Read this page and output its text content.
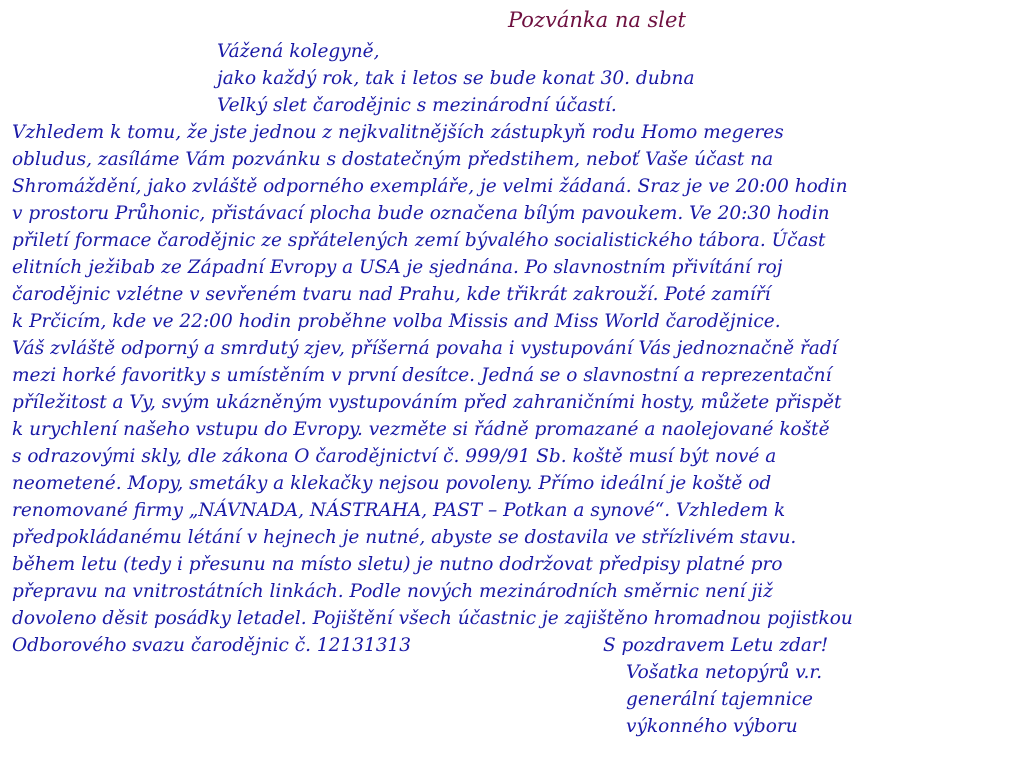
Pozvánka na slet
Vážená kolegyně,
jako každý rok, tak i letos se bude konat 30. dubna
Velký slet čarodějnic s mezinárodní účastí.
Vzhledem k tomu, že jste jednou z nejkvalitnějších zástupkyň rodu Homo megeres
obludus, zasíláme Vám pozvánku s dostatečným předstihem, neboť Vaše účast na
Shromáždění, jako zvláště odporného exempláře, je velmi žádaná. Sraz je ve 20:00 hodin
v prostoru Průhonic, přistávací plocha bude označena bílým pavoukem. Ve 20:30 hodin
přiletí formace čarodějnic ze spřátelených zemí bývalého socialistického tábora. Účast
elitních ježibab ze Západní Evropy a USA je sjednána. Po slavnostním přivítání roj
čarodějnic vzlétne v sevřeném tvaru nad Prahu, kde třikrát zakrouží. Poté zamíří
k Prčicím, kde ve 22:00 hodin proběhne volba Missis and Miss World čarodějnice.
Váš zvláště odporný a smrdutý zjev, příšerná povaha i vystupování Vás jednoznačně řadí
mezi horké favoritky s umístěním v první desítce. Jedná se o slavnostní a reprezentační
příležitost a Vy, svým ukázněným vystupováním před zahraničními hosty, můžete přispět
k urychlení našeho vstupu do Evropy. vezměte si řádně promazané a naolejované koště
s odrazovými skly, dle zákona O čarodějnictví č. 999/91 Sb. koště musí být nové a
neometené. Mopy, smetáky a klekačky nejsou povoleny. Přímo ideální je koště od
renomované firmy „NÁVNADA, NÁSTRAHA, PAST – Potkan a synové“. Vzhledem k
předpokládanému létání v hejnech je nutné, abyste se dostavila ve střízlivém stavu.
během letu (tedy i přesunu na místo sletu) je nutno dodržovat předpisy platné pro
přepravu na vnitrostátních linkách. Podle nových mezinárodních směrnic není již
dovoleno děsit posádky letadel. Pojištění všech účastnic je zajištěno hromadnou pojistkou
Odborového svazu čarodějnic č. 12131313	S pozdravem Letu zdar!
Vošatka netopýrů v.r.
generální tajemnice
výkonného výboru
